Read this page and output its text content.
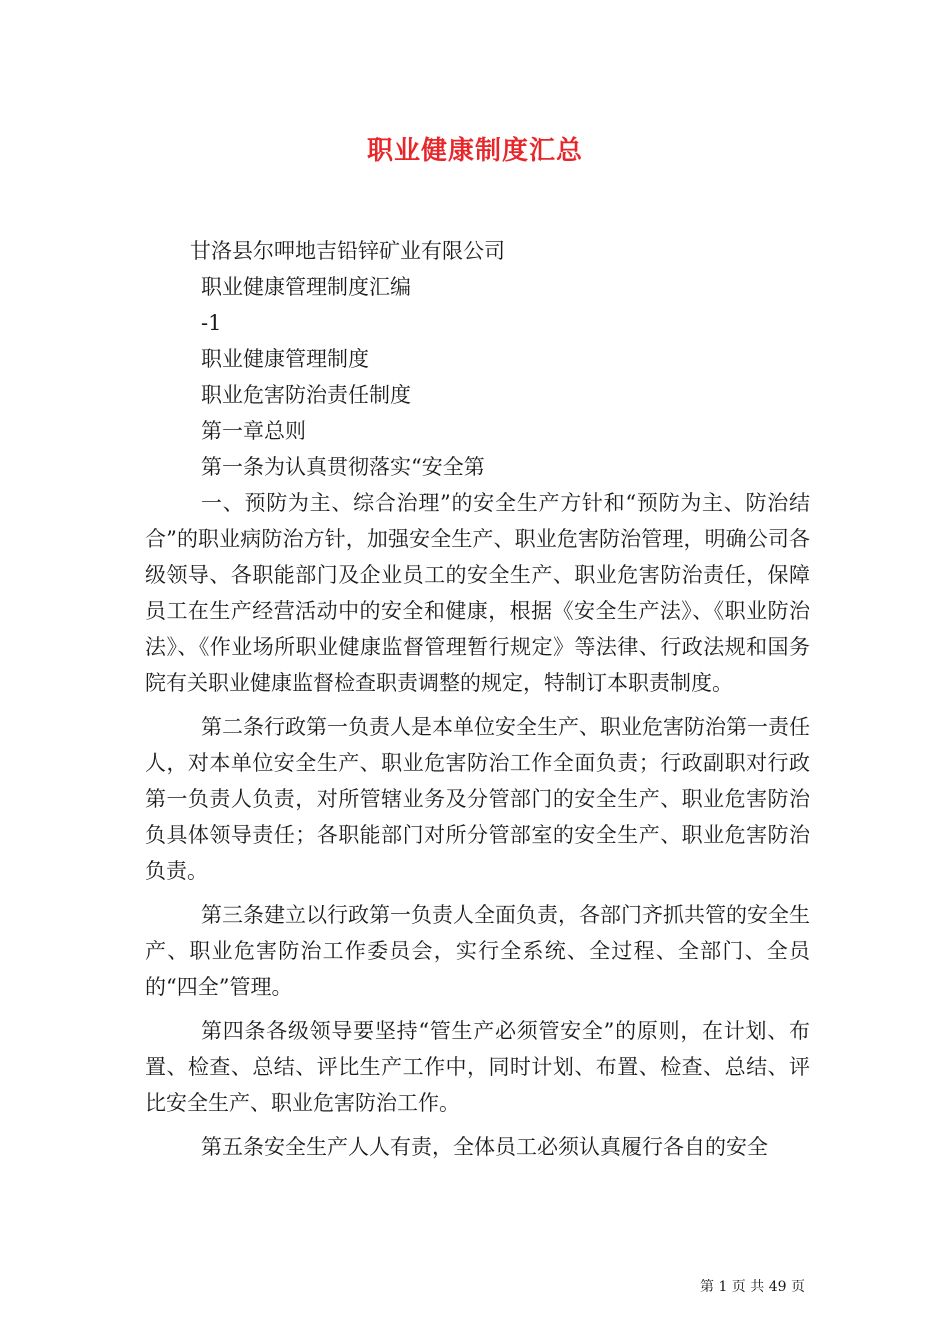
职业健康制度汇总

甘洛县尔呷地吉铅锌矿业有限公司

职业健康管理制度汇编

-1

职业健康管理制度

职业危害防治责任制度

第一章总则

第一条为认真贯彻落实“安全第

一、预防为主、综合治理”的安全生产方针和“预防为主、防治结合”的职业病防治方针，加强安全生产、职业危害防治管理，明确公司各级领导、各职能部门及企业员工的安全生产、职业危害防治责任，保障员工在生产经营活动中的安全和健康，根据《安全生产法》、《职业防治法》、《作业场所职业健康监督管理暂行规定》等法律、行政法规和国务院有关职业健康监督检查职责调整的规定，特制订本职责制度。

第二条行政第一负责人是本单位安全生产、职业危害防治第一责任人，对本单位安全生产、职业危害防治工作全面负责；行政副职对行政第一负责人负责，对所管辖业务及分管部门的安全生产、职业危害防治负具体领导责任；各职能部门对所分管部室的安全生产、职业危害防治负责。

第三条建立以行政第一负责人全面负责，各部门齐抓共管的安全生产、职业危害防治工作委员会，实行全系统、全过程、全部门、全员的“四全”管理。

第四条各级领导要坚持“管生产必须管安全”的原则，在计划、布置、检查、总结、评比生产工作中，同时计划、布置、检查、总结、评比安全生产、职业危害防治工作。

第五条安全生产人人有责，全体员工必须认真履行各自的安全

第 1 页 共 49 页
